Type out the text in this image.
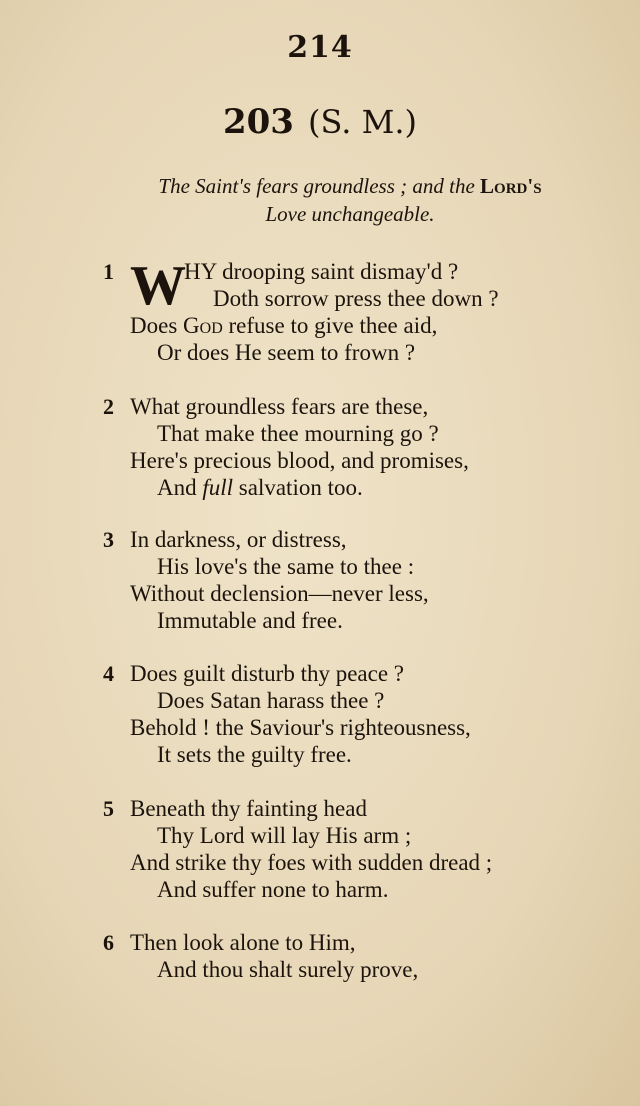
214
203 (S. M.)
The Saint's fears groundless ; and the Lord's
Love unchangeable.
1 W
HY drooping saint dismay'd ?
Doth sorrow press thee down ?
Does God refuse to give thee aid,
Or does He seem to frown ?
2 What groundless fears are these,
That make thee mourning go ?
Here's precious blood, and promises,
And full salvation too.
3 In darkness, or distress,
His love's the same to thee :
Without declension—never less,
Immutable and free.
4 Does guilt disturb thy peace ?
Does Satan harass thee ?
Behold ! the Saviour's righteousness,
It sets the guilty free.
5 Beneath thy fainting head
Thy Lord will lay His arm ;
And strike thy foes with sudden dread ;
And suffer none to harm.
6 Then look alone to Him,
And thou shalt surely prove,
